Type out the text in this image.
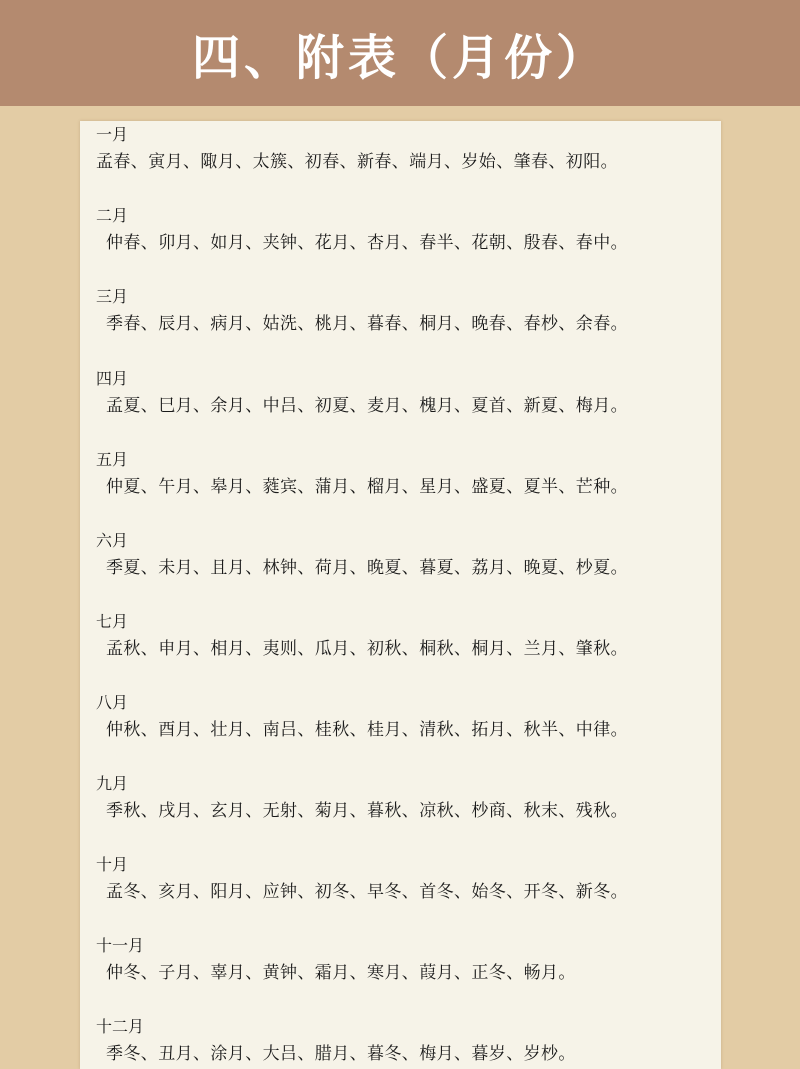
四、附表（月份）
一月
孟春、寅月、陬月、太簇、初春、新春、端月、岁始、肇春、初阳。
二月
仲春、卯月、如月、夹钟、花月、杏月、春半、花朝、殷春、春中。
三月
季春、辰月、病月、姑洗、桃月、暮春、桐月、晚春、春杪、余春。
四月
孟夏、巳月、余月、中吕、初夏、麦月、槐月、夏首、新夏、梅月。
五月
仲夏、午月、皋月、蕤宾、蒲月、榴月、星月、盛夏、夏半、芒种。
六月
季夏、未月、且月、林钟、荷月、晚夏、暮夏、荔月、晚夏、杪夏。
七月
孟秋、申月、相月、夷则、瓜月、初秋、桐秋、桐月、兰月、肇秋。
八月
仲秋、酉月、壮月、南吕、桂秋、桂月、清秋、拓月、秋半、中律。
九月
季秋、戌月、玄月、无射、菊月、暮秋、凉秋、杪商、秋末、残秋。
十月
孟冬、亥月、阳月、应钟、初冬、早冬、首冬、始冬、开冬、新冬。
十一月
仲冬、子月、辜月、黄钟、霜月、寒月、葭月、正冬、畅月。
十二月
季冬、丑月、涂月、大吕、腊月、暮冬、梅月、暮岁、岁杪。
